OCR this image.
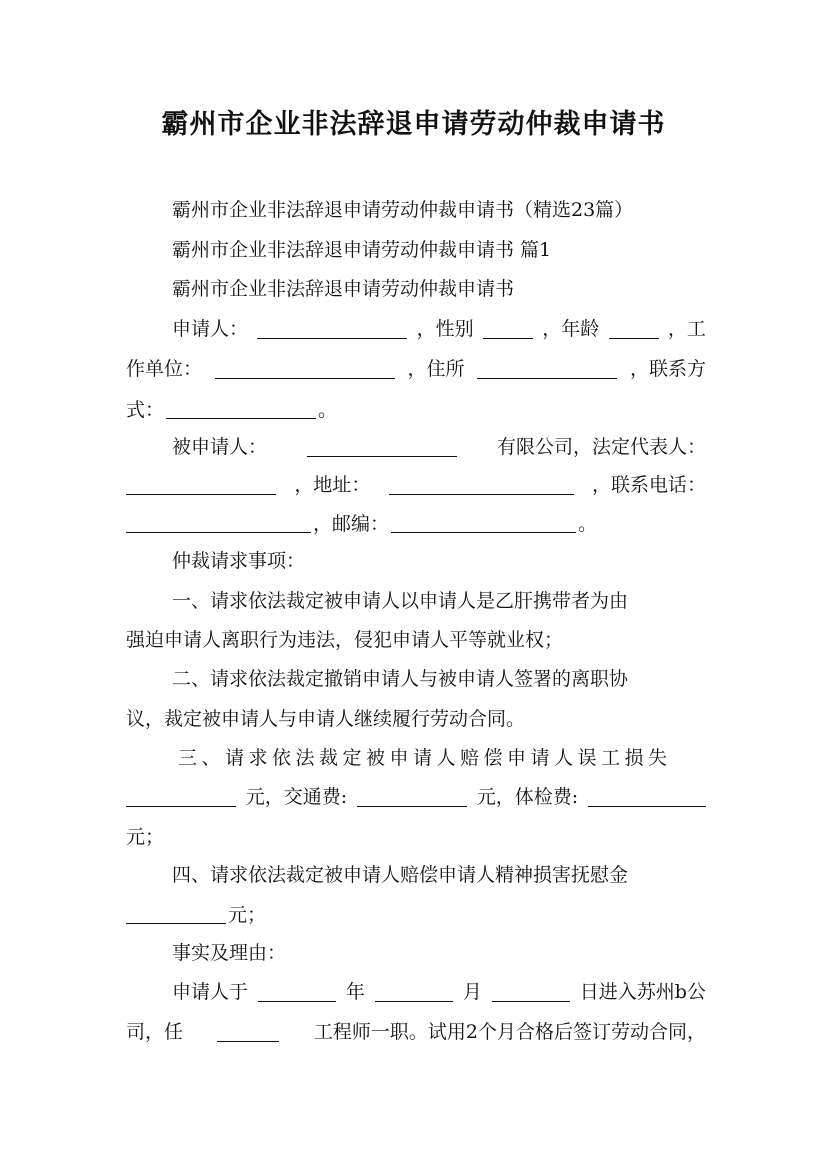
霸州市企业非法辞退申请劳动仲裁申请书
霸州市企业非法辞退申请劳动仲裁申请书（精选23篇）
霸州市企业非法辞退申请劳动仲裁申请书 篇1
霸州市企业非法辞退申请劳动仲裁申请书
申请人：	，性别	，年龄	，工
作单位：	，住所	，联系方
式：	。
被申请人：	有限公司，法定代表人：
，地址：	，联系电话：
，邮编：	。
仲裁请求事项：
一、请求依法裁定被申请人以申请人是乙肝携带者为由
强迫申请人离职行为违法，侵犯申请人平等就业权；
二、请求依法裁定撤销申请人与被申请人签署的离职协
议，裁定被申请人与申请人继续履行劳动合同。
三、请求依法裁定被申请人赔偿申请人误工损失
元，交通费:	元，体检费:
元；
四、请求依法裁定被申请人赔偿申请人精神损害抚慰金
元；
事实及理由：
申请人于	年	月	日进入苏州b公
司，任	工程师一职。试用2个月合格后签订劳动合同，
